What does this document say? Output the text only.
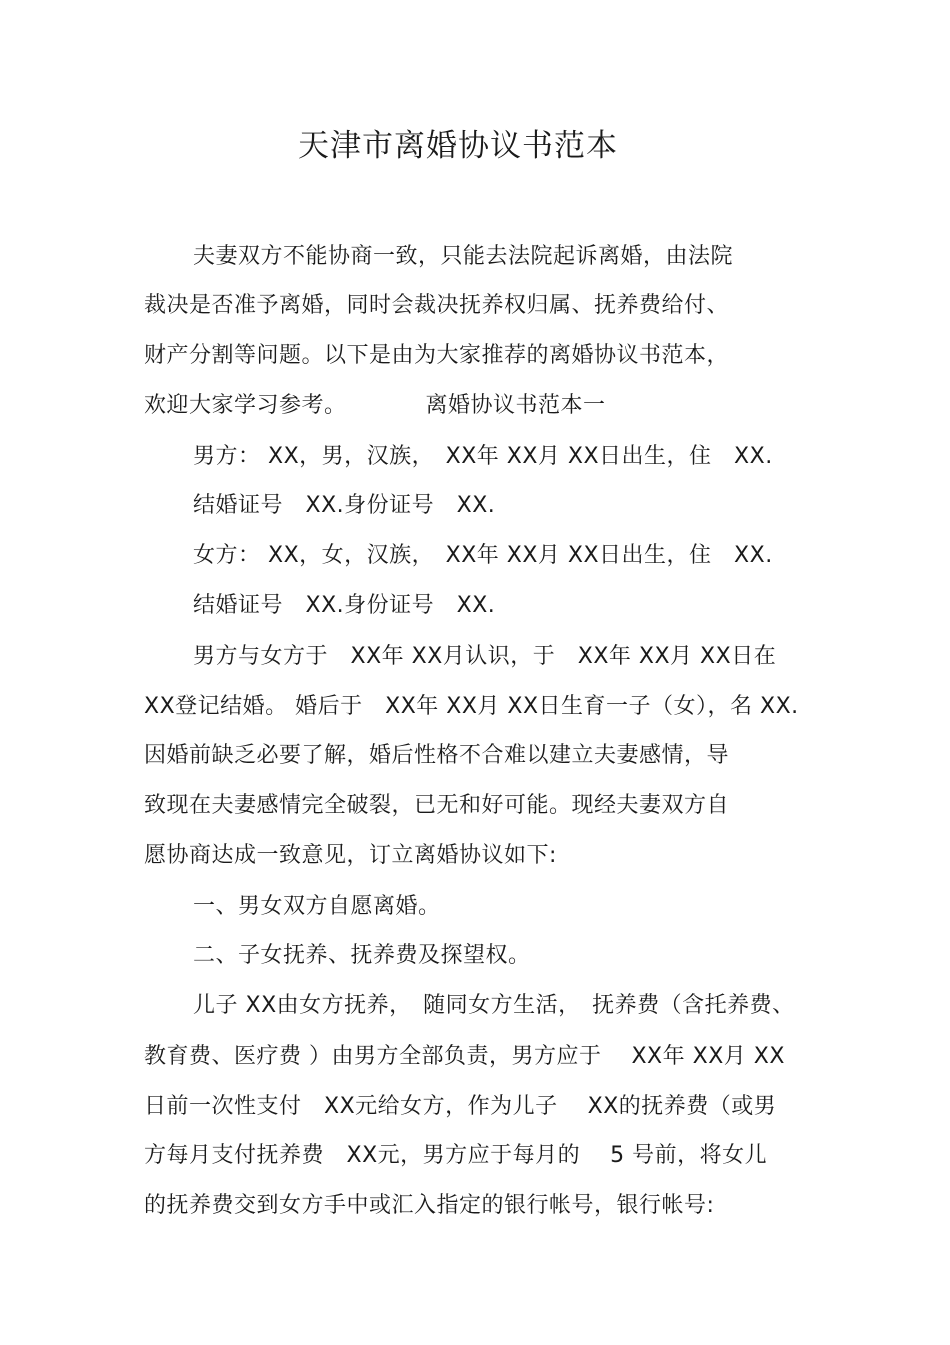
天津市离婚协议书范本
夫妻双方不能协商一致，只能去法院起诉离婚，由法院
裁决是否准予离婚，同时会裁决抚养权归属、抚养费给付、
财产分割等问题。以下是由为大家推荐的离婚协议书范本，
欢迎大家学习参考。　　　　离婚协议书范本一
男方： XX，男，汉族，　XX年 XX月 XX日出生，住　XX.
结婚证号　XX.身份证号　XX.
女方： XX，女，汉族，　XX年 XX月 XX日出生，住　XX.
结婚证号　XX.身份证号　XX.
男方与女方于　XX年 XX月认识，于　XX年 XX月 XX日在
XX登记结婚。 婚后于　XX年 XX月 XX日生育一子（女），名 XX.
因婚前缺乏必要了解，婚后性格不合难以建立夫妻感情，导
致现在夫妻感情完全破裂，已无和好可能。现经夫妻双方自
愿协商达成一致意见，订立离婚协议如下:
一、男女双方自愿离婚。
二、子女抚养、抚养费及探望权。
儿子 XX由女方抚养，　随同女方生活，　抚养费（含托养费、
教育费、医疗费 ）由男方全部负责，男方应于　 XX年 XX月 XX
日前一次性支付　XX元给女方，作为儿子　 XX的抚养费（或男
方每月支付抚养费　XX元，男方应于每月的　 5 号前，将女儿
的抚养费交到女方手中或汇入指定的银行帐号，银行帐号:
